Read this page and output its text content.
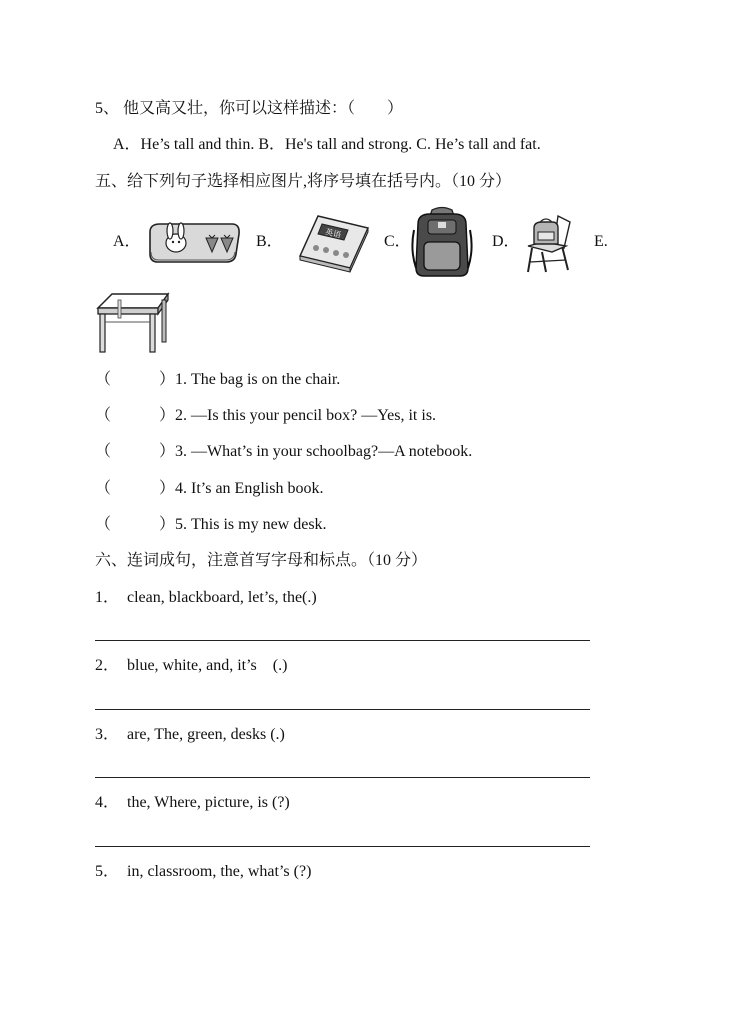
5、 他又高又壮，你可以这样描述：（　　）
A．He’s tall and thin. B．He's tall and strong. C. He’s tall and fat.
五、给下列句子选择相应图片,将序号填在括号内。（10 分）
A．	B．	C．	D．	E.
英语
（　　　）1. The bag is on the chair.
（　　　）2. —Is this your pencil box? —Yes, it is.
（　　　）3. —What’s in your schoolbag?—A notebook.
（　　　）4. It’s an English book.
（　　　）5. This is my new desk.
六、连词成句，注意首写字母和标点。（10 分）
1．　clean, blackboard, let’s, the(.)
2．　blue, white, and, it’s　(.)
3．　are, The, green, desks (.)
4．　the, Where, picture, is (?)
5．　in, classroom, the, what’s (?)
